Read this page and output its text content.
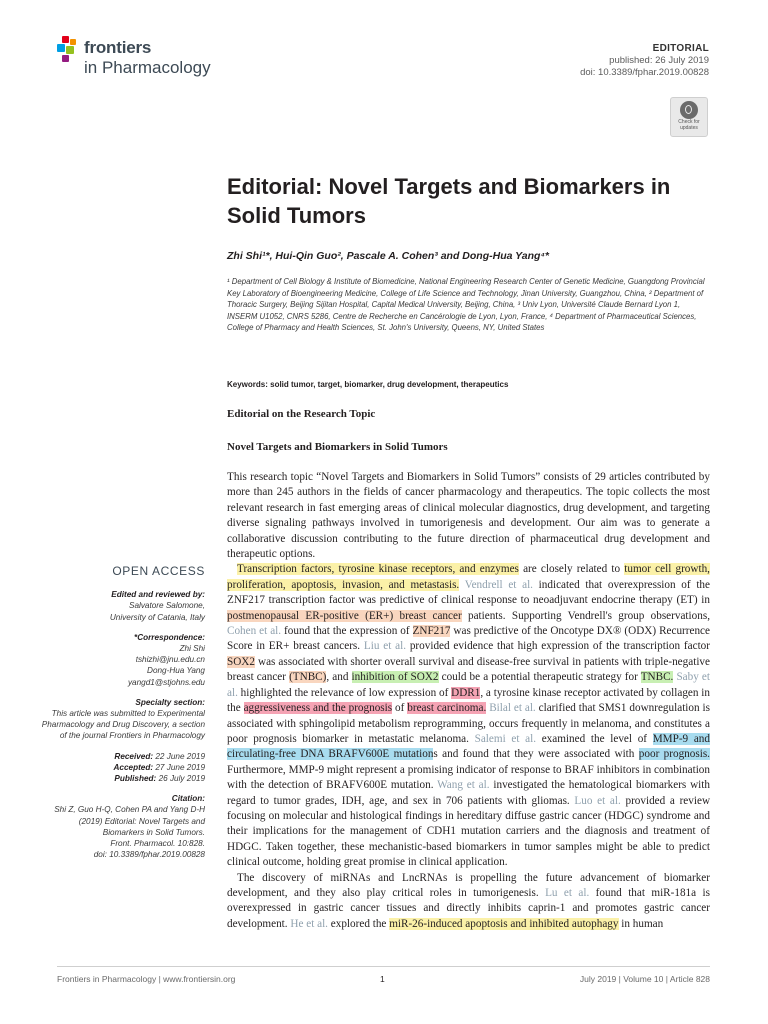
frontiers
in Pharmacology
EDITORIAL
published: 26 July 2019
doi: 10.3389/fphar.2019.00828
Check for updates
Editorial: Novel Targets and Biomarkers in Solid Tumors
Zhi Shi¹*, Hui-Qin Guo², Pascale A. Cohen³ and Dong-Hua Yang⁴*
¹ Department of Cell Biology & Institute of Biomedicine, National Engineering Research Center of Genetic Medicine, Guangdong Provincial Key Laboratory of Bioengineering Medicine, College of Life Science and Technology, Jinan University, Guangzhou, China, ² Department of Thoracic Surgery, Beijing Sijitan Hospital, Capital Medical University, Beijing, China, ³ Univ Lyon, Université Claude Bernard Lyon 1, INSERM U1052, CNRS 5286, Centre de Recherche en Cancérologie de Lyon, Lyon, France, ⁴ Department of Pharmaceutical Sciences, College of Pharmacy and Health Sciences, St. John's University, Queens, NY, United States
Keywords: solid tumor, target, biomarker, drug development, therapeutics
Editorial on the Research Topic
Novel Targets and Biomarkers in Solid Tumors

This research topic “Novel Targets and Biomarkers in Solid Tumors” consists of 29 articles contributed by more than 245 authors in the fields of cancer pharmacology and therapeutics. The topic collects the most relevant research in fast emerging areas of clinical molecular diagnostics, drug development, and targeting diverse signaling pathways involved in tumorigenesis and development. Our aim was to generate a collaborative discussion contributing to the future direction of pharmaceutical drug development and therapeutic options.

Transcription factors, tyrosine kinase receptors, and enzymes are closely related to tumor cell growth, proliferation, apoptosis, invasion, and metastasis. Vendrell et al. indicated that overexpression of the ZNF217 transcription factor was predictive of clinical response to neoadjuvant endocrine therapy (ET) in postmenopausal ER-positive (ER+) breast cancer patients. Supporting Vendrell's group observations, Cohen et al. found that the expression of ZNF217 was predictive of the Oncotype DX® (ODX) Recurrence Score in ER+ breast cancers. Liu et al. provided evidence that high expression of the transcription factor SOX2 was associated with shorter overall survival and disease-free survival in patients with triple-negative breast cancer (TNBC), and inhibition of SOX2 could be a potential therapeutic strategy for TNBC. Saby et al. highlighted the relevance of low expression of DDR1, a tyrosine kinase receptor activated by collagen in the aggressiveness and the prognosis of breast carcinoma. Bilal et al. clarified that SMS1 downregulation is associated with sphingolipid metabolism reprogramming, occurs frequently in melanoma, and constitutes a poor prognosis biomarker in metastatic melanoma. Salemi et al. examined the level of MMP-9 and circulating-free DNA BRAFV600E mutations and found that they were associated with poor prognosis. Furthermore, MMP-9 might represent a promising indicator of response to BRAF inhibitors in combination with the detection of BRAFV600E mutation. Wang et al. investigated the hematological biomarkers with regard to tumor grades, IDH, age, and sex in 706 patients with gliomas. Luo et al. provided a review focusing on molecular and histological findings in hereditary diffuse gastric cancer (HDGC) syndrome and their implications for the management of CDH1 mutation carriers and the diagnosis and treatment of HDGC. Taken together, these mechanistic-based biomarkers in tumor samples might be able to predict clinical outcome, holding great promise in clinical application.

The discovery of miRNAs and LncRNAs is propelling the future advancement of biomarker development, and they also play critical roles in tumorigenesis. Lu et al. found that miR-181a is overexpressed in gastric cancer tissues and directly inhibits caprin-1 and promotes gastric cancer development. He et al. explored the miR-26-induced apoptosis and inhibited autophagy in human

OPEN ACCESS
Edited and reviewed by:
Salvatore Salomone,
University of Catania, Italy
*Correspondence:
Zhi Shi
tshizhi@jnu.edu.cn
Dong-Hua Yang
yangd1@stjohns.edu
Specialty section:
This article was submitted to Experimental Pharmacology and Drug Discovery, a section of the journal Frontiers in Pharmacology
Received: 22 June 2019
Accepted: 27 June 2019
Published: 26 July 2019
Citation:
Shi Z, Guo H-Q, Cohen PA and Yang D-H (2019) Editorial: Novel Targets and Biomarkers in Solid Tumors.
Front. Pharmacol. 10:828.
doi: 10.3389/fphar.2019.00828
Frontiers in Pharmacology | www.frontiersin.org	1	July 2019 | Volume 10 | Article 828
